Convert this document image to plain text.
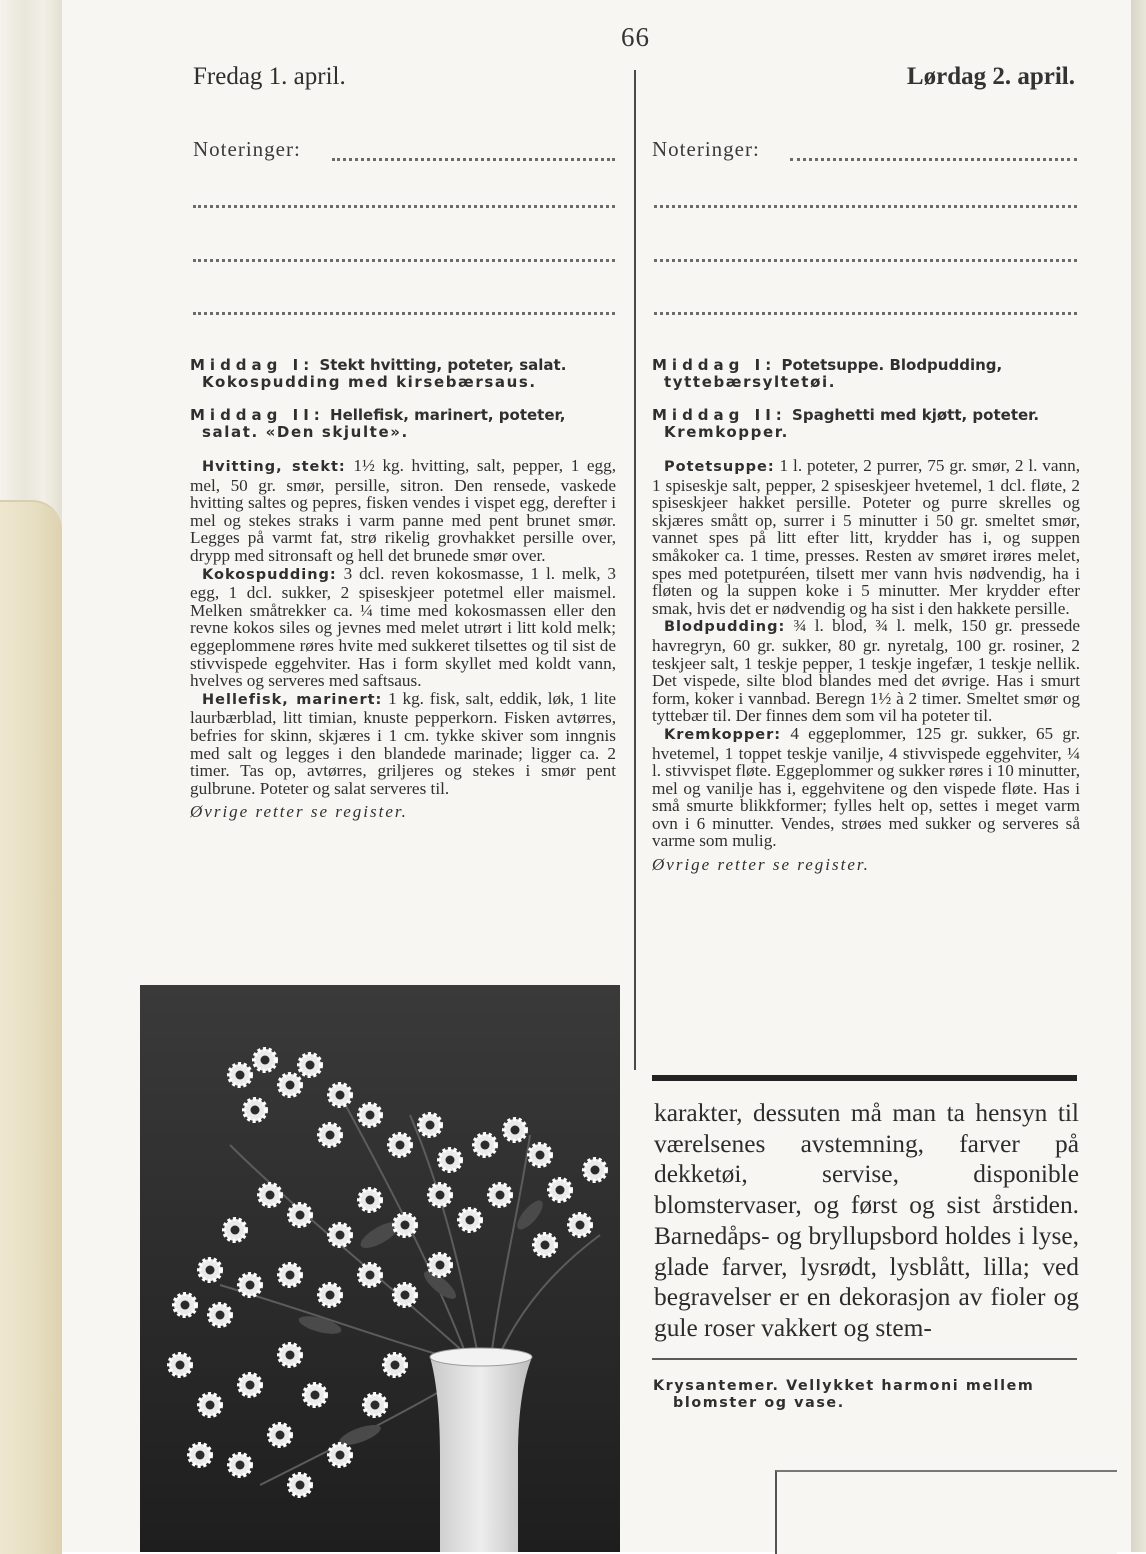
66
Fredag 1. april.	Lørdag 2. april.
Noteringer:	Noteringer:
Middag I: Stekt hvitting, poteter, salat.
Kokospudding med kirsebærsaus.
Middag II: Hellefisk, marinert, poteter,
salat. «Den skjulte».

Hvitting, stekt: 1½ kg. hvitting, salt, pepper, 1 egg, mel, 50 gr. smør, persille, sitron. Den rensede, vaskede hvitting saltes og pepres, fisken vendes i vispet egg, derefter i mel og stekes straks i varm panne med pent brunet smør. Legges på varmt fat, strø rikelig grovhakket persille over, drypp med sitronsaft og hell det brunede smør over.

Kokospudding: 3 dcl. reven kokosmasse, 1 l. melk, 3 egg, 1 dcl. sukker, 2 spiseskjeer potetmel eller maismel. Melken småtrekker ca. ¼ time med kokosmassen eller den revne kokos siles og jevnes med melet utrørt i litt kold melk; eggeplommene røres hvite med sukkeret tilsettes og til sist de stivvispede eggehviter. Has i form skyllet med koldt vann, hvelves og serveres med saftsaus.

Hellefisk, marinert: 1 kg. fisk, salt, eddik, løk, 1 lite laurbærblad, litt timian, knuste pepperkorn. Fisken avtørres, befries for skinn, skjæres i 1 cm. tykke skiver som inngnis med salt og legges i den blandede marinade; ligger ca. 2 timer. Tas op, avtørres, griljeres og stekes i smør pent gulbrune. Poteter og salat serveres til.

Øvrige retter se register.

Middag I: Potetsuppe. Blodpudding,
tyttebærsyltetøi.
Middag II: Spaghetti med kjøtt, poteter.
Kremkopper.

Potetsuppe: 1 l. poteter, 2 purrer, 75 gr. smør, 2 l. vann, 1 spiseskje salt, pepper, 2 spiseskjeer hvetemel, 1 dcl. fløte, 2 spiseskjeer hakket persille. Poteter og purre skrelles og skjæres smått op, surrer i 5 minutter i 50 gr. smeltet smør, vannet spes på litt efter litt, krydder has i, og suppen småkoker ca. 1 time, presses. Resten av smøret irøres melet, spes med potetpuréen, tilsett mer vann hvis nødvendig, ha i fløten og la suppen koke i 5 minutter. Mer krydder efter smak, hvis det er nødvendig og ha sist i den hakkete persille.

Blodpudding: ¾ l. blod, ¾ l. melk, 150 gr. pressede havregryn, 60 gr. sukker, 80 gr. nyretalg, 100 gr. rosiner, 2 teskjeer salt, 1 teskje pepper, 1 teskje ingefær, 1 teskje nellik. Det vispede, silte blod blandes med det øvrige. Has i smurt form, koker i vannbad. Beregn 1½ à 2 timer. Smeltet smør og tyttebær til. Der finnes dem som vil ha poteter til.

Kremkopper: 4 eggeplommer, 125 gr. sukker, 65 gr. hvetemel, 1 toppet teskje vanilje, 4 stivvispede eggehviter, ¼ l. stivvispet fløte. Eggeplommer og sukker røres i 10 minutter, mel og vanilje has i, eggehvitene og den vispede fløte. Has i små smurte blikkformer; fylles helt op, settes i meget varm ovn i 6 minutter. Vendes, strøes med sukker og serveres så varme som mulig.

Øvrige retter se register.

karakter, dessuten må man ta hensyn til værelsenes avstemning, farver på dekketøi, servise, disponible blomstervaser, og først og sist årstiden. Barnedåps- og bryllupsbord holdes i lyse, glade farver, lysrødt, lysblått, lilla; ved begravelser er en dekorasjon av fioler og gule roser vakkert og stem-
Krysantemer. Vellykket harmoni mellem
blomster og vase.
